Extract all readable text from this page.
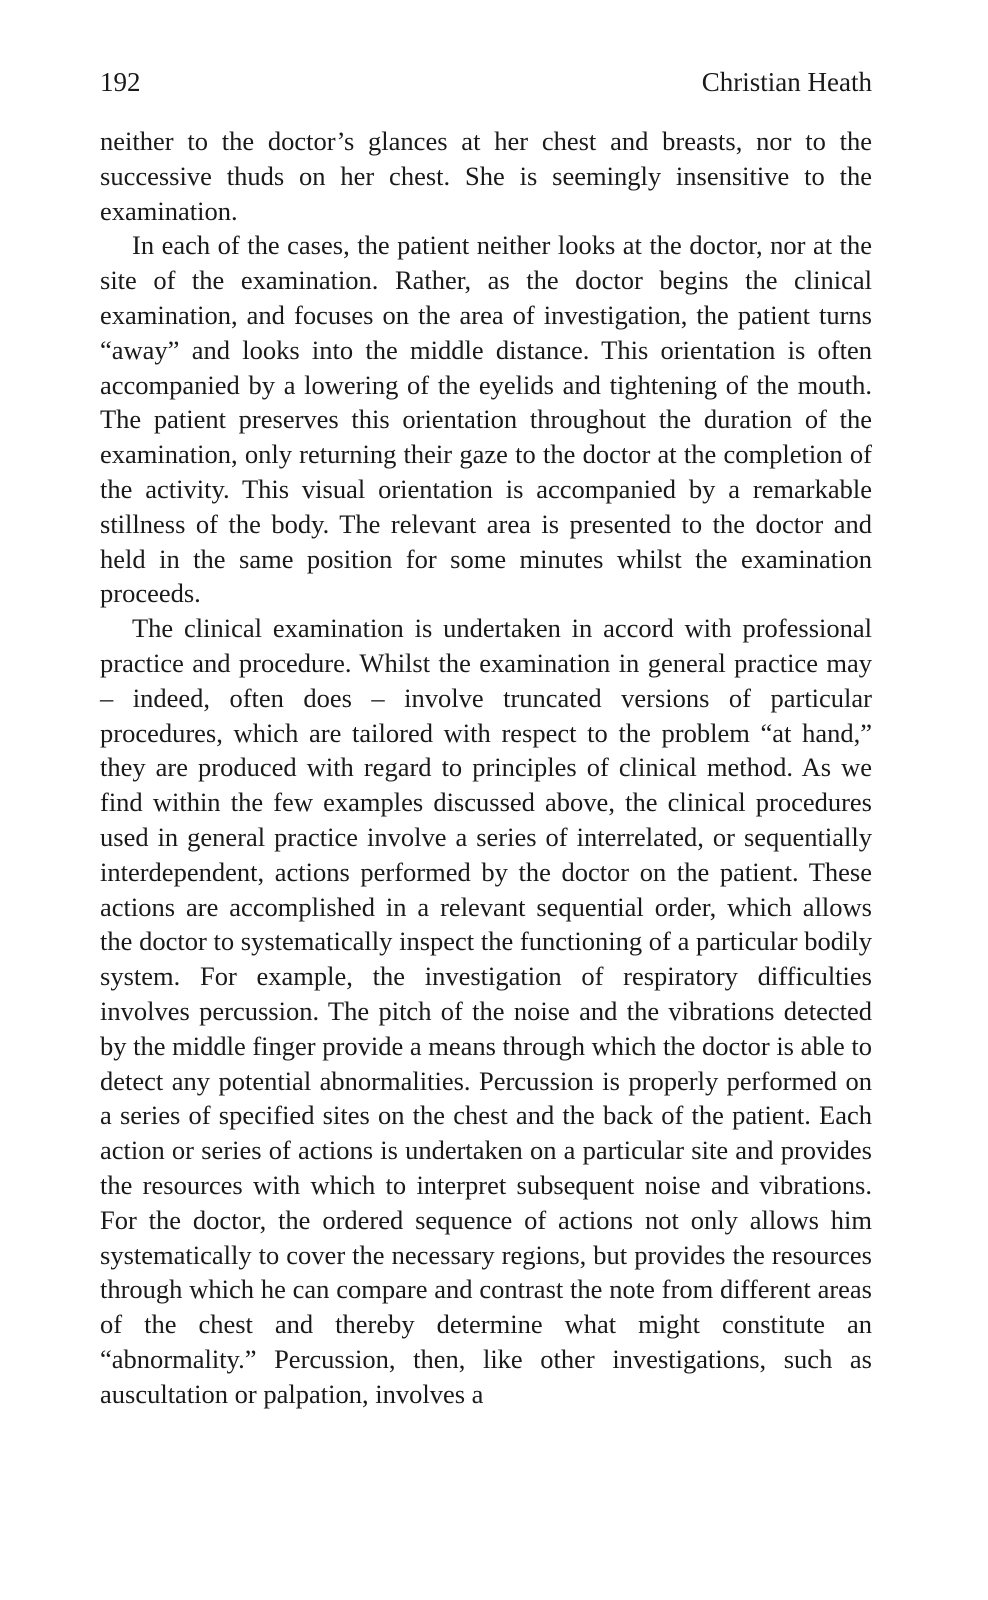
192	Christian Heath

neither to the doctor’s glances at her chest and breasts, nor to the successive thuds on her chest. She is seemingly insensitive to the examination.

In each of the cases, the patient neither looks at the doctor, nor at the site of the examination. Rather, as the doctor begins the clinical examination, and focuses on the area of investigation, the patient turns “away” and looks into the middle distance. This orientation is often accompanied by a lowering of the eyelids and tightening of the mouth. The patient preserves this orientation throughout the duration of the examination, only returning their gaze to the doctor at the completion of the activity. This visual orientation is accompanied by a remarkable stillness of the body. The relevant area is presented to the doctor and held in the same position for some minutes whilst the examination proceeds.

The clinical examination is undertaken in accord with professional practice and procedure. Whilst the examination in general practice may – indeed, often does – involve truncated versions of particular procedures, which are tailored with respect to the problem “at hand,” they are produced with regard to principles of clinical method. As we find within the few examples discussed above, the clinical procedures used in general practice involve a series of interrelated, or sequentially interdependent, actions performed by the doctor on the patient. These actions are accomplished in a relevant sequential order, which allows the doctor to systematically inspect the functioning of a particular bodily system. For example, the investigation of respiratory difficulties involves percussion. The pitch of the noise and the vibrations detected by the middle finger provide a means through which the doctor is able to detect any potential abnormalities. Percussion is properly performed on a series of specified sites on the chest and the back of the patient. Each action or series of actions is undertaken on a particular site and provides the resources with which to interpret subsequent noise and vibrations. For the doctor, the ordered sequence of actions not only allows him systematically to cover the necessary regions, but provides the resources through which he can compare and contrast the note from different areas of the chest and thereby determine what might constitute an “abnormality.” Percussion, then, like other investigations, such as auscultation or palpation, involves a
